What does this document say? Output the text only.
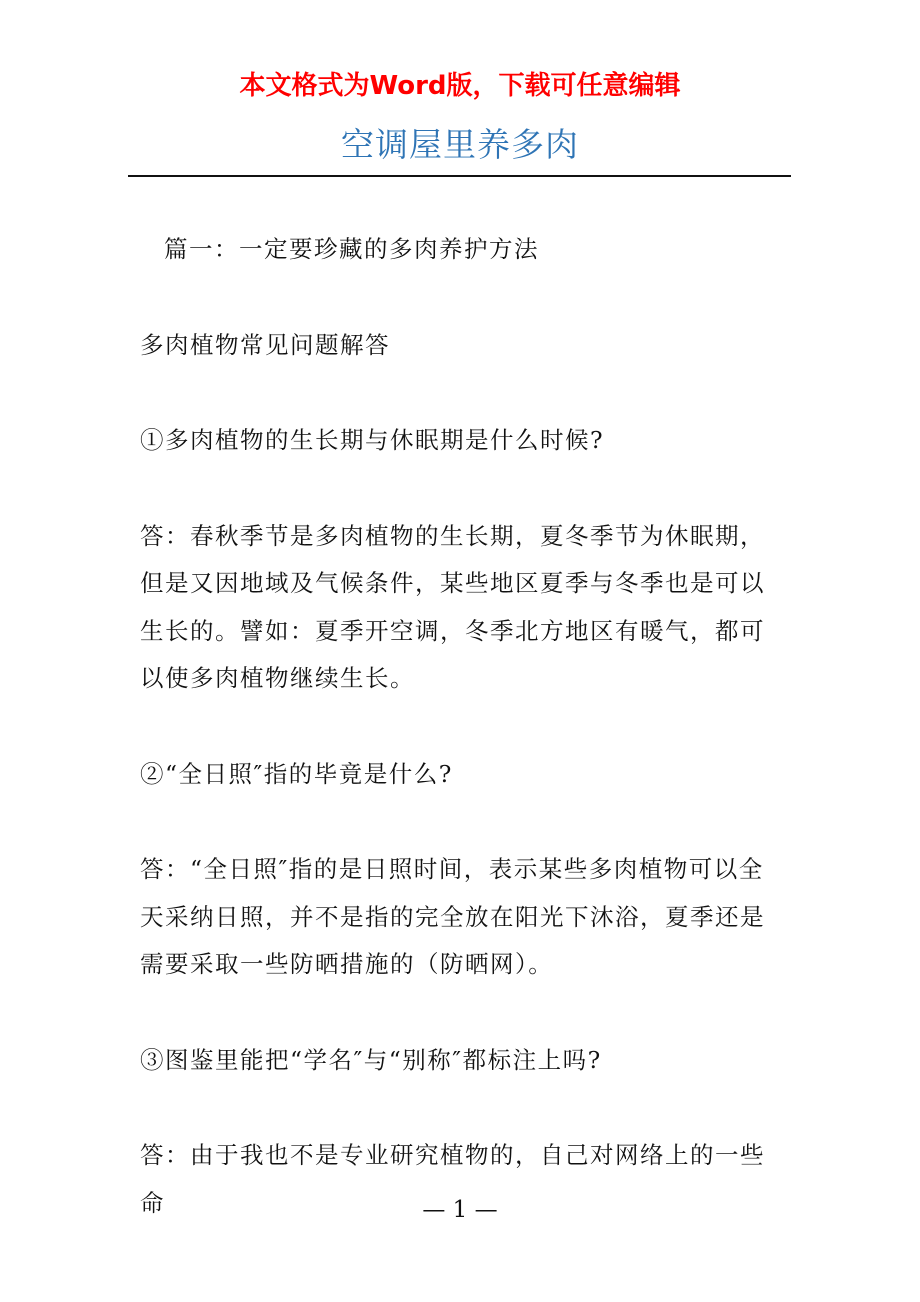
本文格式为Word版，下载可任意编辑
空调屋里养多肉

篇一：一定要珍藏的多肉养护方法

多肉植物常见问题解答

①多肉植物的生长期与休眠期是什么时候?

答：春秋季节是多肉植物的生长期，夏冬季节为休眠期，但是又因地域及气候条件，某些地区夏季与冬季也是可以生长的。譬如：夏季开空调，冬季北方地区有暖气，都可以使多肉植物继续生长。

②“全日照″指的毕竟是什么?

答：“全日照″指的是日照时间，表示某些多肉植物可以全天采纳日照，并不是指的完全放在阳光下沐浴，夏季还是需要采取一些防晒措施的（防晒网）。

③图鉴里能把“学名″与“别称″都标注上吗?

答：由于我也不是专业研究植物的，自己对网络上的一些命	— 1 —
